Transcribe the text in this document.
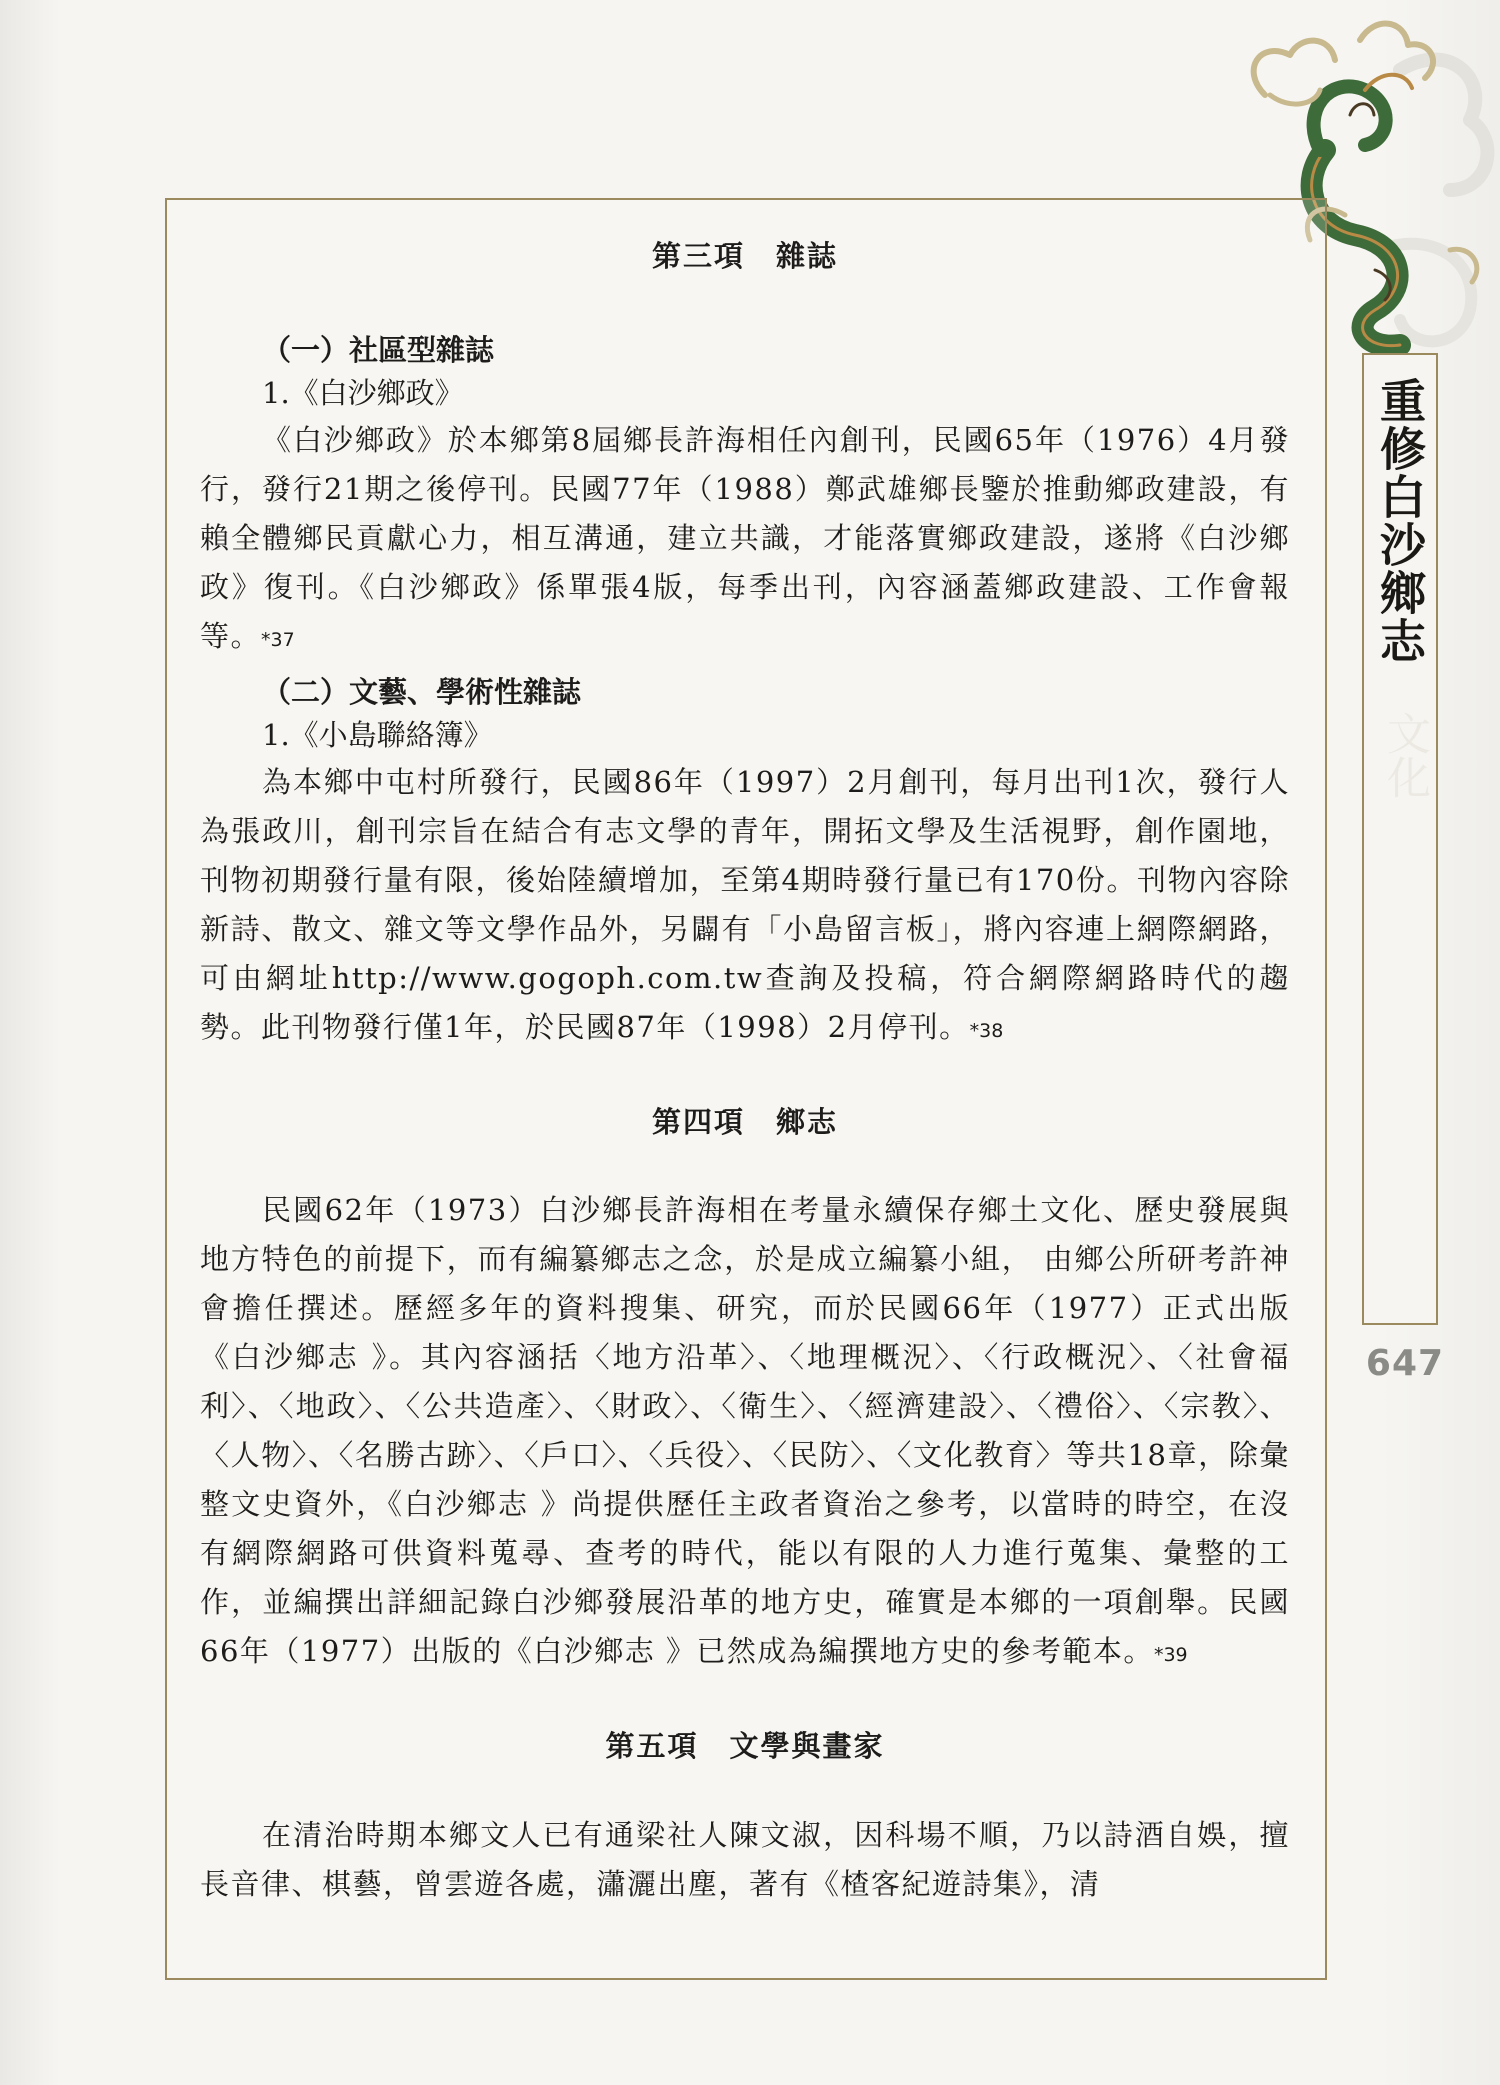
第三項　雜誌
（一）社區型雜誌

1.《白沙鄉政》

《白沙鄉政》於本鄉第8屆鄉長許海相任內創刊，民國65年（1976）4月發行，發行21期之後停刊。民國77年（1988）鄭武雄鄉長鑒於推動鄉政建設，有賴全體鄉民貢獻心力，相互溝通，建立共識，才能落實鄉政建設，遂將《白沙鄉政》復刊。《白沙鄉政》係單張4版，每季出刊，內容涵蓋鄉政建設、工作會報等。*37

（二）文藝、學術性雜誌

1.《小島聯絡簿》

為本鄉中屯村所發行，民國86年（1997）2月創刊，每月出刊1次，發行人為張政川，創刊宗旨在結合有志文學的青年，開拓文學及生活視野，創作園地， 刊物初期發行量有限，後始陸續增加，至第4期時發行量已有170份。刊物內容除新詩、散文、雜文等文學作品外，另闢有「小島留言板」，將內容連上網際網路，可由網址http://www.gogoph.com.tw查詢及投稿，符合網際網路時代的趨勢。此刊物發行僅1年，於民國87年（1998）2月停刊。*38

第四項　鄉志

民國62年（1973）白沙鄉長許海相在考量永續保存鄉土文化、歷史發展與地方特色的前提下，而有編纂鄉志之念，於是成立編纂小組， 由鄉公所研考許神會擔任撰述。歷經多年的資料搜集、研究，而於民國66年（1977）正式出版《白沙鄉志 》。其內容涵括〈地方沿革〉、〈地理概況〉、〈行政概況〉、〈社會福利〉、〈地政〉、〈公共造產〉、〈財政〉、〈衛生〉、〈經濟建設〉、〈禮俗〉、〈宗教〉、〈人物〉、〈名勝古跡〉、〈戶口〉、〈兵役〉、〈民防〉、〈文化教育〉等共18章，除彙整文史資外，《白沙鄉志 》尚提供歷任主政者資治之參考，以當時的時空，在沒有網際網路可供資料蒐尋、查考的時代，能以有限的人力進行蒐集、彙整的工作，並編撰出詳細記錄白沙鄉發展沿革的地方史，確實是本鄉的一項創舉。民國66年（1977）出版的《白沙鄉志 》已然成為編撰地方史的參考範本。*39

第五項　文學與畫家

在清治時期本鄉文人已有通梁社人陳文淑，因科場不順，乃以詩酒自娛，擅長音律、棋藝，曾雲遊各處，瀟灑出塵，著有《楂客紀遊詩集》，清

重修白沙鄉志
文化
647
